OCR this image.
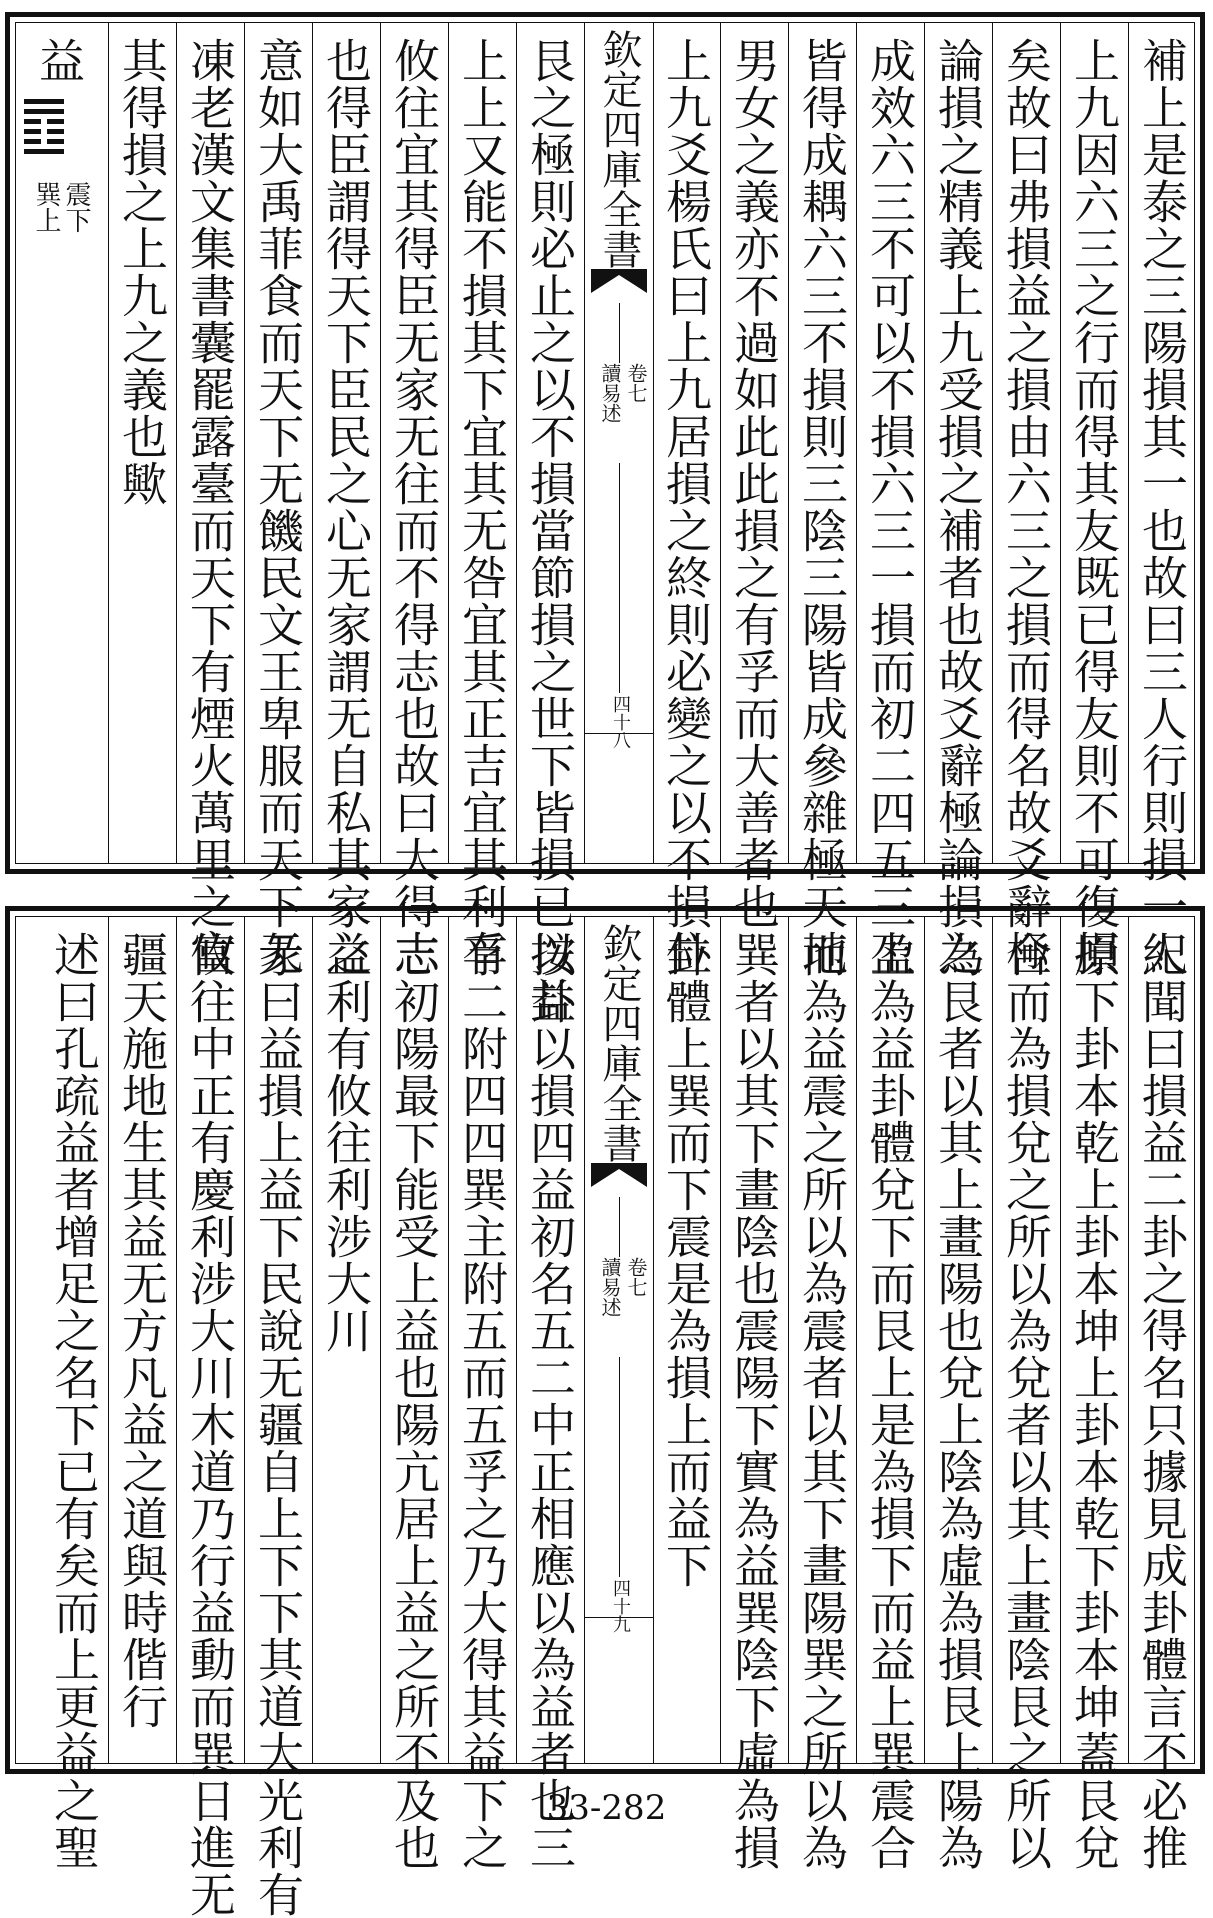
補上是泰之三陽損其一也故曰三人行則損一人
上九因六三之行而得其友既已得友則不可復損
矣故曰弗損益之損由六三之損而得名故爻辭極
論損之精義上九受損之補者也故爻辭極論損之
成效六三不可以不損六三一損而初二四五三上
皆得成耦六三不損則三陰三陽皆成參雜極天地
男女之義亦不過如此此損之有孚而大善者也
上九爻楊氏曰上九居損之終則必變之以不損位
欽定四庫全書
讀易述 卷七
四十八
艮之極則必止之以不損當節損之世下皆損已以益
上上又能不損其下宜其无咎宜其正吉宜其利有
攸往宜其得臣无家无往而不得志也故曰大得志
也得臣謂得天下臣民之心无家謂无自私其家之
意如大禹菲食而天下无饑民文王卑服而天下无
凍老漢文集書囊罷露臺而天下有煙火萬里之富
其得損之上九之義也歟
益
震下
巽上
紀聞曰損益二卦之得名只據見成卦體言不必推
原下卦本乾上卦本坤上卦本乾下卦本坤蓋艮兌
合而為損兌之所以為兌者以其上畫陰艮之所以
為艮者以其上畫陽也兌上陰為虛為損艮上陽為
盈為益卦體兌下而艮上是為損下而益上巽震合
而為益震之所以為震者以其下畫陽巽之所以為
巽者以其下畫陰也震陽下實為益巽陰下虛為損
卦體上巽而下震是為損上而益下
欽定四庫全書
讀易述 卷七
四十九
按卦以損四益初名五二中正相應以為益者也三
孚二附四四巽主附五而五孚之乃大得其益下之
志初陽最下能受上益也陽亢居上益之所不及也
益利有攸往利涉大川
彖曰益損上益下民說无疆自上下下其道大光利有
攸往中正有慶利涉大川木道乃行益動而巽日進无
疆天施地生其益无方凡益之道與時偕行
述曰孔疏益者增足之名下已有矣而上更益之聖	33-282
